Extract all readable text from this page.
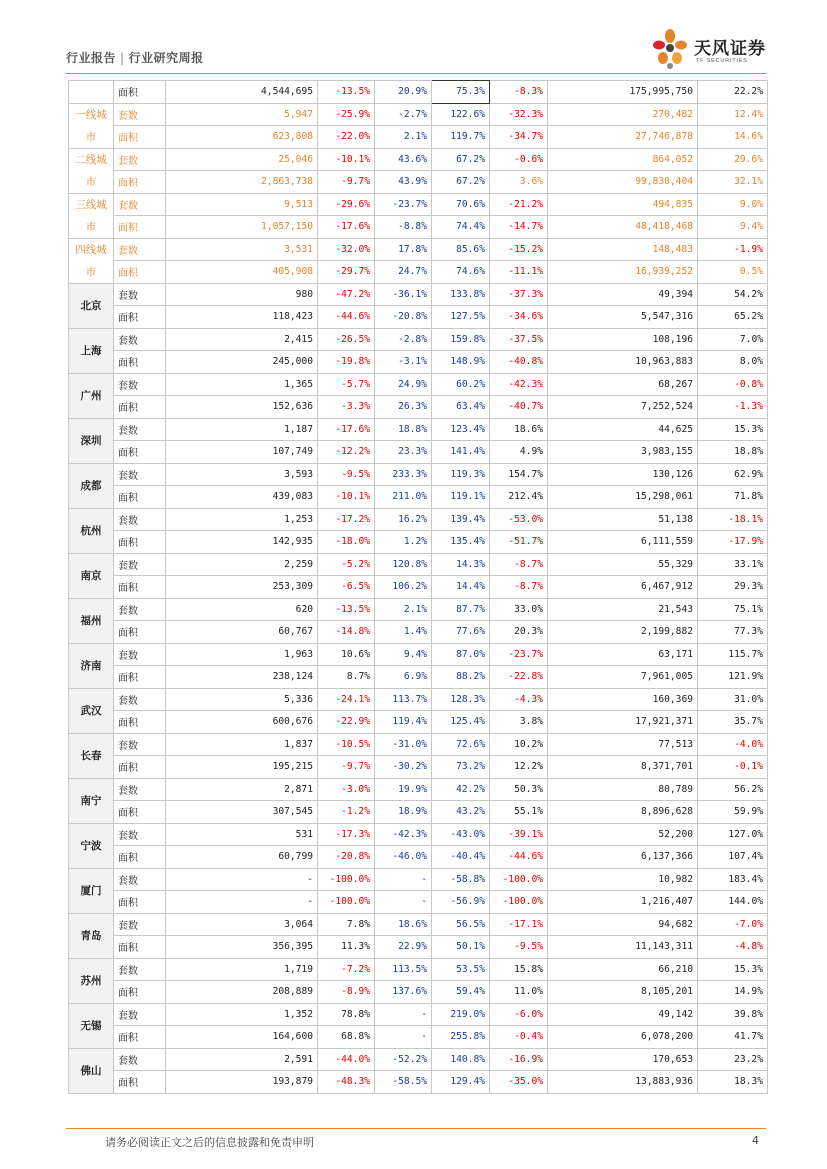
行业报告 | 行业研究周报	天风证券
TF SECURITIES
	面积	4,544,695	-13.5%	20.9%	75.3%	-8.3%	175,995,750	22.2%

一线城
市	套数	5,947	-25.9%	-2.7%	122.6%	-32.3%	270,482	12.4%
	面积	623,808	-22.0%	2.1%	119.7%	-34.7%	27,746,878	14.6%

二线城
市	套数	25,046	-10.1%	43.6%	67.2%	-0.6%	864,052	29.6%
	面积	2,863,738	-9.7%	43.9%	67.2%	3.6%	99,830,404	32.1%

三线城
市	套数	9,513	-29.6%	-23.7%	70.6%	-21.2%	494,835	9.0%
	面积	1,057,150	-17.6%	-8.8%	74.4%	-14.7%	48,418,468	9.4%

四线城
市	套数	3,531	-32.0%	17.8%	85.6%	-15.2%	148,483	-1.9%
	面积	405,908	-29.7%	24.7%	74.6%	-11.1%	16,939,252	0.5%

北京	套数	980	-47.2%	-36.1%	133.8%	-37.3%	49,394	54.2%
	面积	118,423	-44.6%	-20.8%	127.5%	-34.6%	5,547,316	65.2%

上海	套数	2,415	-26.5%	-2.8%	159.8%	-37.5%	108,196	7.0%
	面积	245,000	-19.8%	-3.1%	148.9%	-40.8%	10,963,883	8.0%

广州	套数	1,365	-5.7%	24.9%	60.2%	-42.3%	68,267	-0.8%
	面积	152,636	-3.3%	26.3%	63.4%	-40.7%	7,252,524	-1.3%

深圳	套数	1,187	-17.6%	18.8%	123.4%	18.6%	44,625	15.3%
	面积	107,749	-12.2%	23.3%	141.4%	4.9%	3,983,155	18.8%

成都	套数	3,593	-9.5%	233.3%	119.3%	154.7%	130,126	62.9%
	面积	439,083	-10.1%	211.0%	119.1%	212.4%	15,298,061	71.8%

杭州	套数	1,253	-17.2%	16.2%	139.4%	-53.0%	51,138	-18.1%
	面积	142,935	-18.0%	1.2%	135.4%	-51.7%	6,111,559	-17.9%

南京	套数	2,259	-5.2%	120.8%	14.3%	-8.7%	55,329	33.1%
	面积	253,309	-6.5%	106.2%	14.4%	-8.7%	6,467,912	29.3%

福州	套数	620	-13.5%	2.1%	87.7%	33.0%	21,543	75.1%
	面积	60,767	-14.8%	1.4%	77.6%	20.3%	2,199,882	77.3%

济南	套数	1,963	10.6%	9.4%	87.0%	-23.7%	63,171	115.7%
	面积	238,124	8.7%	6.9%	88.2%	-22.8%	7,961,005	121.9%

武汉	套数	5,336	-24.1%	113.7%	128.3%	-4.3%	160,369	31.0%
	面积	600,676	-22.9%	119.4%	125.4%	3.8%	17,921,371	35.7%

长春	套数	1,837	-10.5%	-31.0%	72.6%	10.2%	77,513	-4.0%
	面积	195,215	-9.7%	-30.2%	73.2%	12.2%	8,371,701	-0.1%

南宁	套数	2,871	-3.0%	19.9%	42.2%	50.3%	80,789	56.2%
	面积	307,545	-1.2%	18.9%	43.2%	55.1%	8,896,628	59.9%

宁波	套数	531	-17.3%	-42.3%	-43.0%	-39.1%	52,200	127.0%
	面积	60,799	-20.8%	-46.0%	-40.4%	-44.6%	6,137,366	107.4%

厦门	套数	-	-100.0%	-	-58.8%	-100.0%	10,982	183.4%
	面积	-	-100.0%	-	-56.9%	-100.0%	1,216,407	144.0%

青岛	套数	3,064	7.8%	18.6%	56.5%	-17.1%	94,682	-7.0%
	面积	356,395	11.3%	22.9%	50.1%	-9.5%	11,143,311	-4.8%

苏州	套数	1,719	-7.2%	113.5%	53.5%	15.8%	66,210	15.3%
	面积	208,889	-8.9%	137.6%	59.4%	11.0%	8,105,201	14.9%

无锡	套数	1,352	78.8%	-	219.0%	-6.0%	49,142	39.8%
	面积	164,600	68.8%	-	255.8%	-0.4%	6,078,200	41.7%

佛山	套数	2,591	-44.0%	-52.2%	140.8%	-16.9%	170,653	23.2%
	面积	193,879	-48.3%	-58.5%	129.4%	-35.0%	13,883,936	18.3%
请务必阅读正文之后的信息披露和免责申明	4
